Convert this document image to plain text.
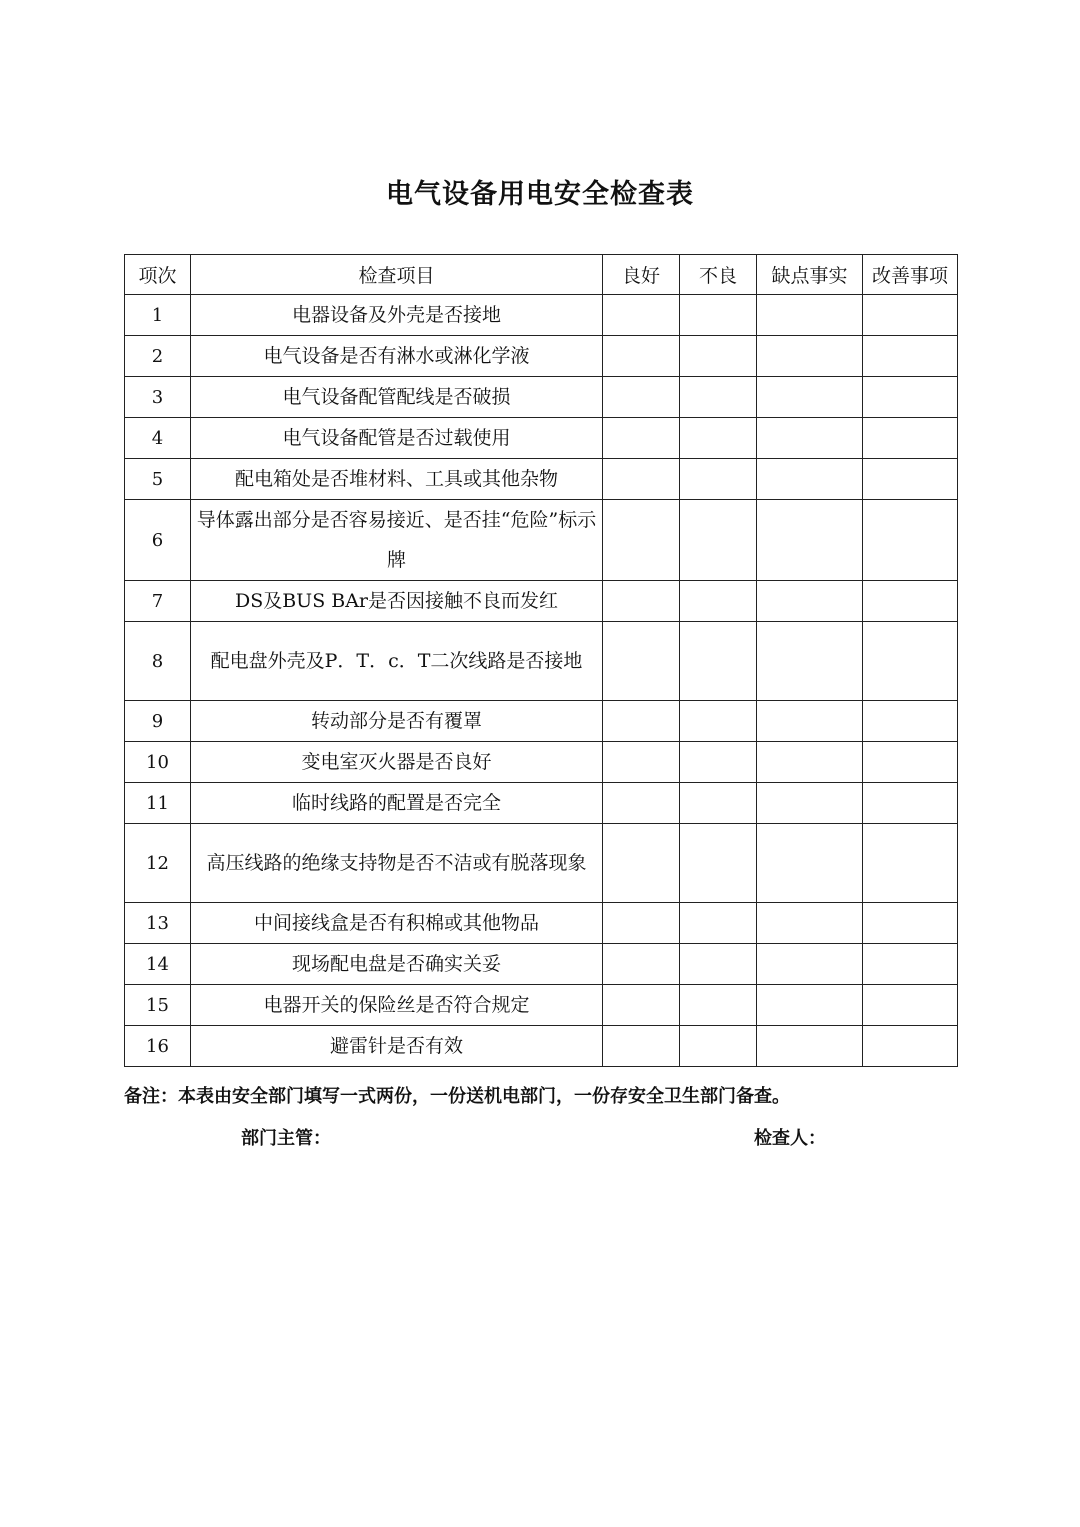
电气设备用电安全检查表
项次	检查项目	良好	不良	缺点事实	改善事项
1	电器设备及外壳是否接地				
2	电气设备是否有淋水或淋化学液				
3	电气设备配管配线是否破损				
4	电气设备配管是否过载使用				
5	配电箱处是否堆材料、工具或其他杂物				
6	导体露出部分是否容易接近、是否挂“危险”标示牌				
7	DS及BUS BAr是否因接触不良而发红				
8	配电盘外壳及P．T．c．T二次线路是否接地				
9	转动部分是否有覆罩				
10	变电室灭火器是否良好				
11	临时线路的配置是否完全				
12	高压线路的绝缘支持物是否不洁或有脱落现象				
13	中间接线盒是否有积棉或其他物品				
14	现场配电盘是否确实关妥				
15	电器开关的保险丝是否符合规定				
16	避雷针是否有效				
备注：本表由安全部门填写一式两份，一份送机电部门，一份存安全卫生部门备查。
部门主管：	检查人：
